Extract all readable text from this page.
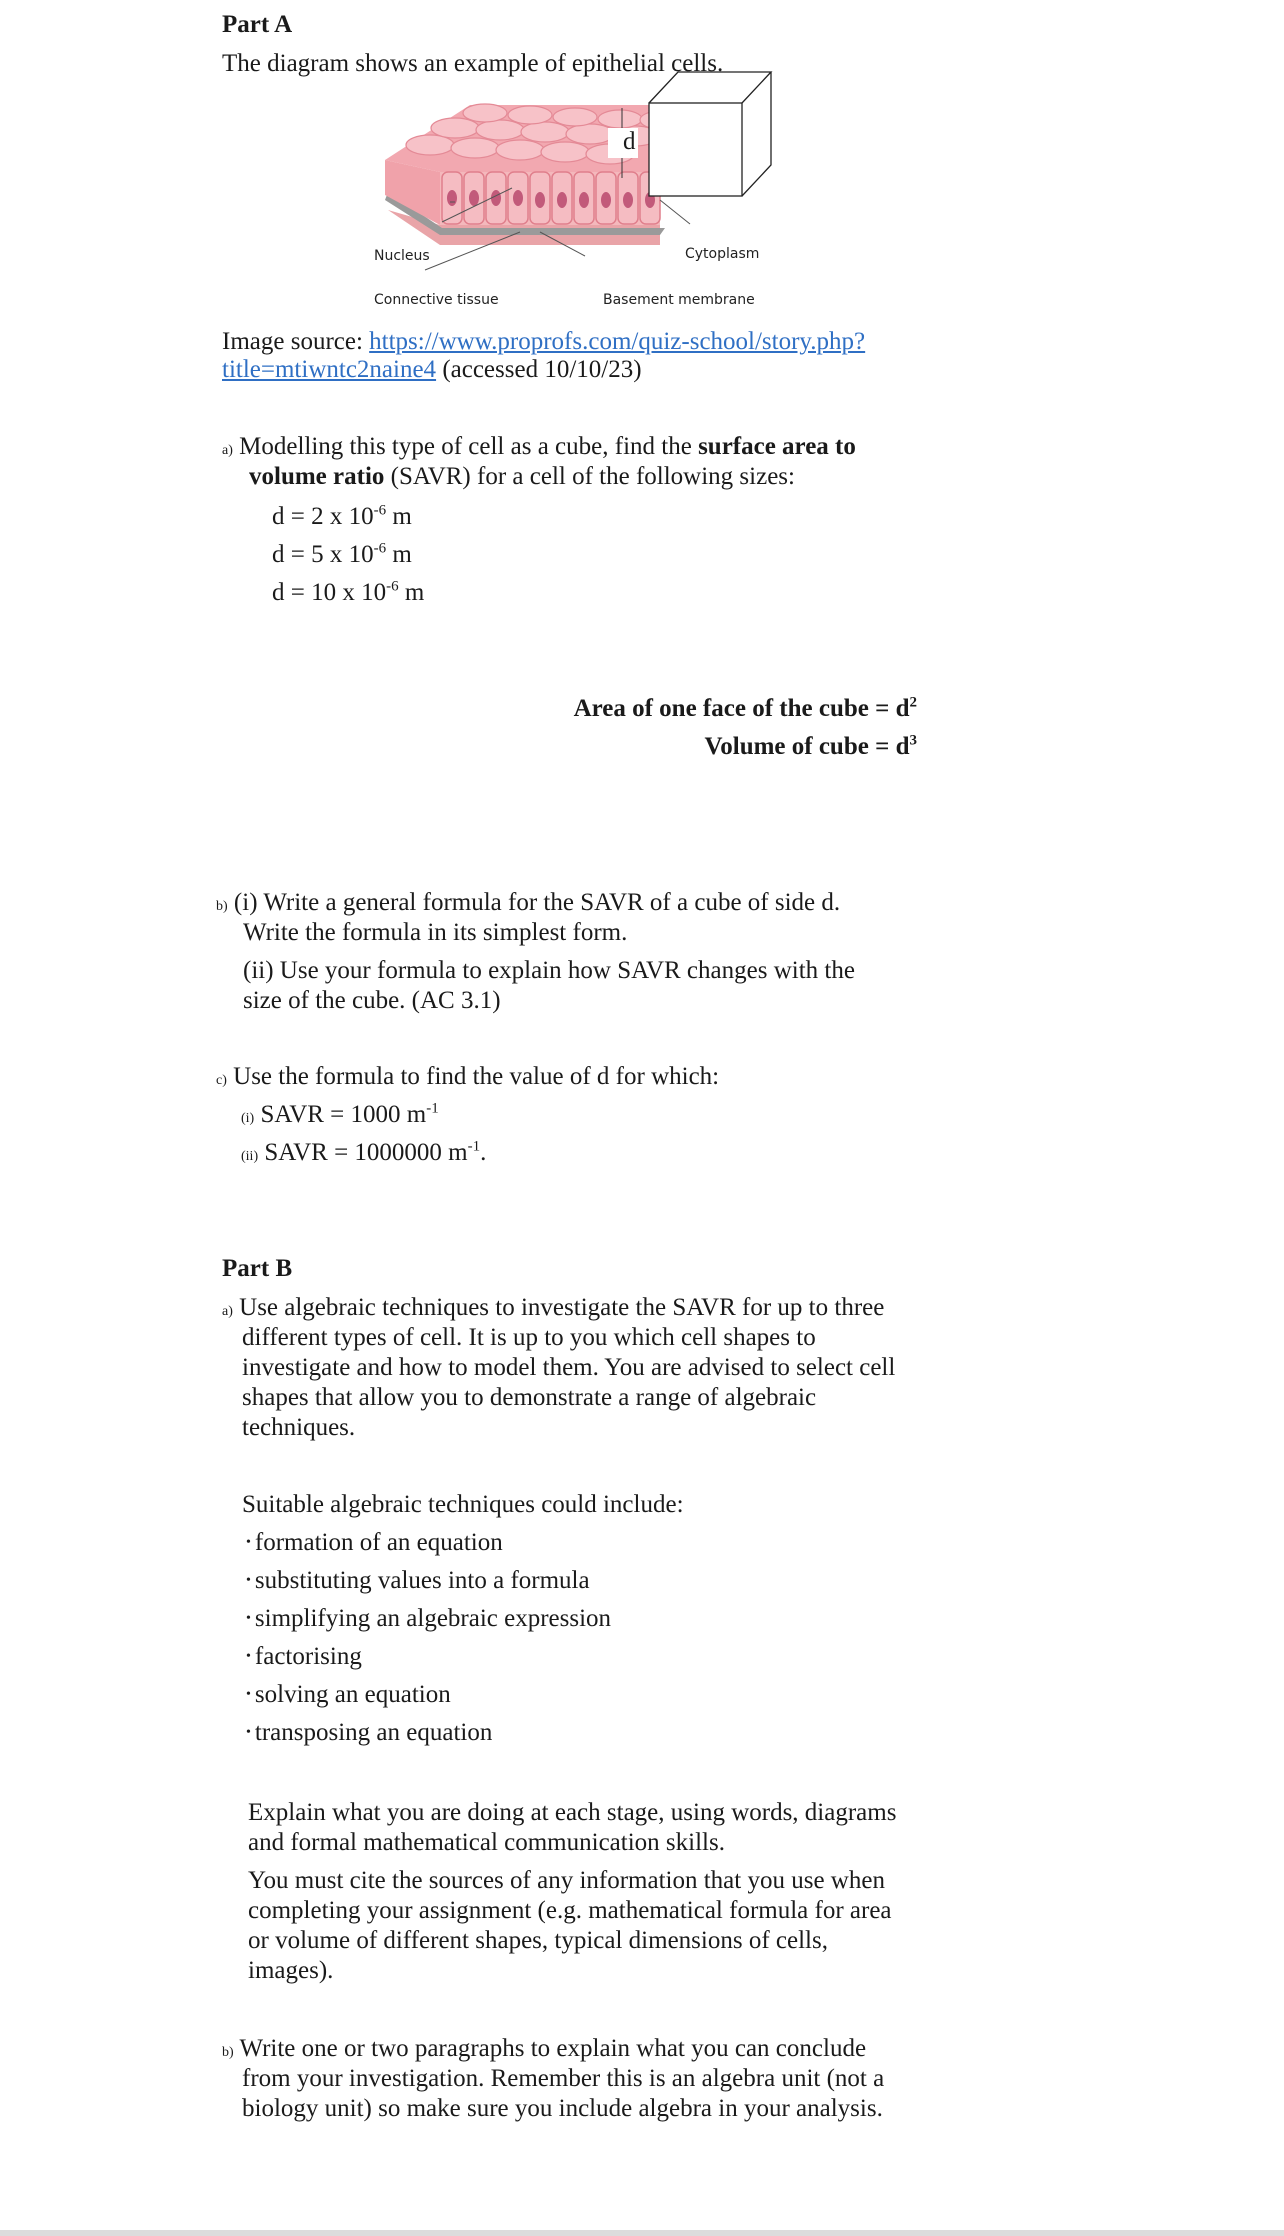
Part A
The diagram shows an example of epithelial cells.
d
Nucleus	Cytoplasm
Connective tissue	Basement membrane
Image source: https://www.proprofs.com/quiz-school/story.php?
title=mtiwntc2naine4 (accessed 10/10/23)
a) Modelling this type of cell as a cube, find the surface area to
volume ratio (SAVR) for a cell of the following sizes:
d = 2 x $10^{-6}$ m
d = 5 x $10^{-6}$ m
d = 10 x $10^{-6}$ m
Area of one face of the cube = $d^2$
Volume of cube = $d^3$
b) (i) Write a general formula for the SAVR of a cube of side d.
Write the formula in its simplest form.
(ii) Use your formula to explain how SAVR changes with the
size of the cube. (AC 3.1)
c) Use the formula to find the value of d for which:
(i) SAVR = 1000 $m^{-1}$
(ii) SAVR = 1000000 $m^{-1}$.
Part B
a) Use algebraic techniques to investigate the SAVR for up to three
different types of cell. It is up to you which cell shapes to
investigate and how to model them. You are advised to select cell
shapes that allow you to demonstrate a range of algebraic
techniques.
Suitable algebraic techniques could include:
• formation of an equation
• substituting values into a formula
• simplifying an algebraic expression
• factorising
• solving an equation
• transposing an equation
Explain what you are doing at each stage, using words, diagrams
and formal mathematical communication skills.
You must cite the sources of any information that you use when
completing your assignment (e.g. mathematical formula for area
or volume of different shapes, typical dimensions of cells,
images).
b) Write one or two paragraphs to explain what you can conclude
from your investigation. Remember this is an algebra unit (not a
biology unit) so make sure you include algebra in your analysis.
